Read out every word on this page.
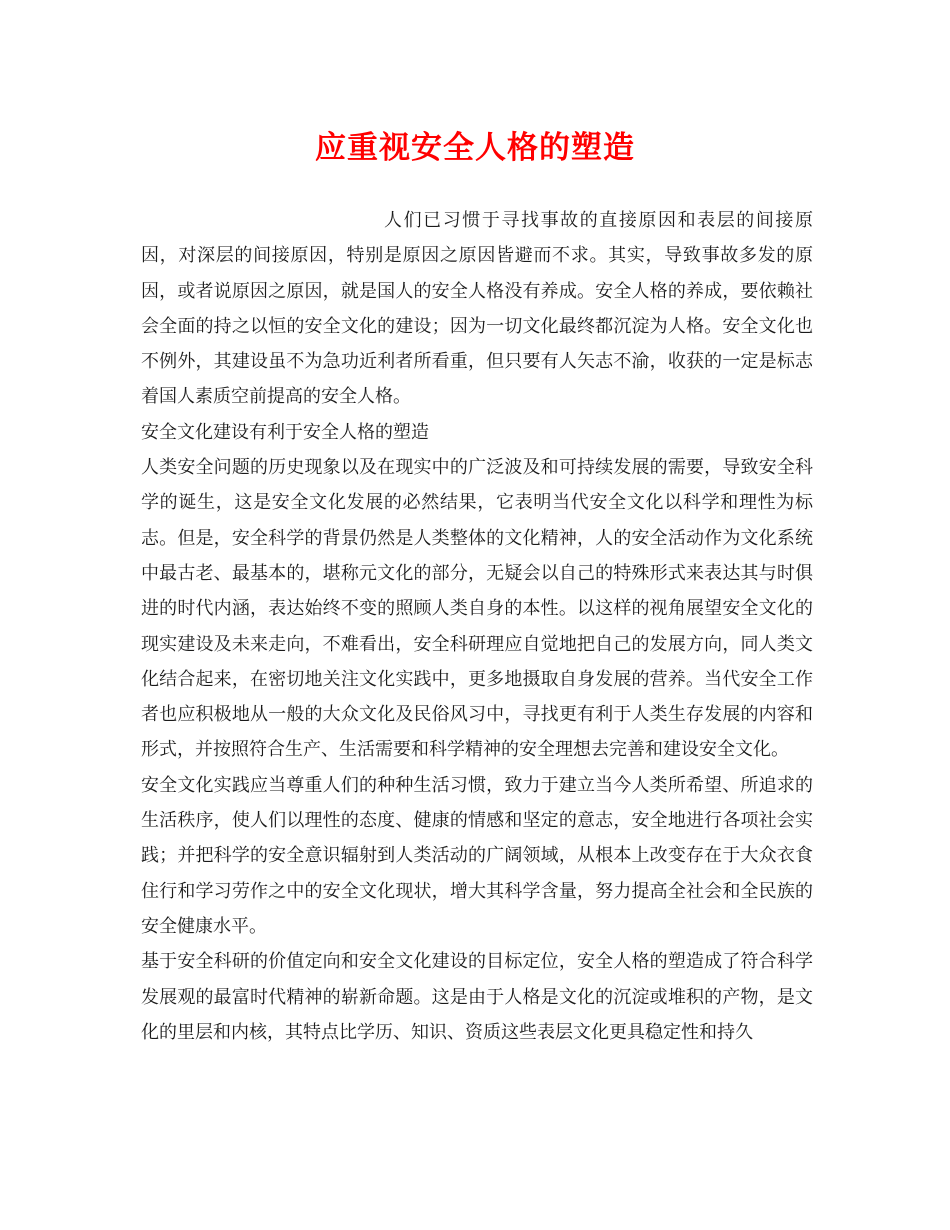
应重视安全人格的塑造

人们已习惯于寻找事故的直接原因和表层的间接原因，对深层的间接原因，特别是原因之原因皆避而不求。其实，导致事故多发的原因，或者说原因之原因，就是国人的安全人格没有养成。安全人格的养成，要依赖社会全面的持之以恒的安全文化的建设；因为一切文化最终都沉淀为人格。安全文化也不例外，其建设虽不为急功近利者所看重，但只要有人矢志不渝，收获的一定是标志着国人素质空前提高的安全人格。

安全文化建设有利于安全人格的塑造

人类安全问题的历史现象以及在现实中的广泛波及和可持续发展的需要，导致安全科学的诞生，这是安全文化发展的必然结果，它表明当代安全文化以科学和理性为标志。但是，安全科学的背景仍然是人类整体的文化精神，人的安全活动作为文化系统中最古老、最基本的，堪称元文化的部分，无疑会以自己的特殊形式来表达其与时俱进的时代内涵，表达始终不变的照顾人类自身的本性。以这样的视角展望安全文化的现实建设及未来走向，不难看出，安全科研理应自觉地把自己的发展方向，同人类文化结合起来，在密切地关注文化实践中，更多地摄取自身发展的营养。当代安全工作者也应积极地从一般的大众文化及民俗风习中，寻找更有利于人类生存发展的内容和形式，并按照符合生产、生活需要和科学精神的安全理想去完善和建设安全文化。

安全文化实践应当尊重人们的种种生活习惯，致力于建立当今人类所希望、所追求的生活秩序，使人们以理性的态度、健康的情感和坚定的意志，安全地进行各项社会实践；并把科学的安全意识辐射到人类活动的广阔领域，从根本上改变存在于大众衣食住行和学习劳作之中的安全文化现状，增大其科学含量，努力提高全社会和全民族的安全健康水平。

基于安全科研的价值定向和安全文化建设的目标定位，安全人格的塑造成了符合科学发展观的最富时代精神的崭新命题。这是由于人格是文化的沉淀或堆积的产物，是文化的里层和内核，其特点比学历、知识、资质这些表层文化更具稳定性和持久
